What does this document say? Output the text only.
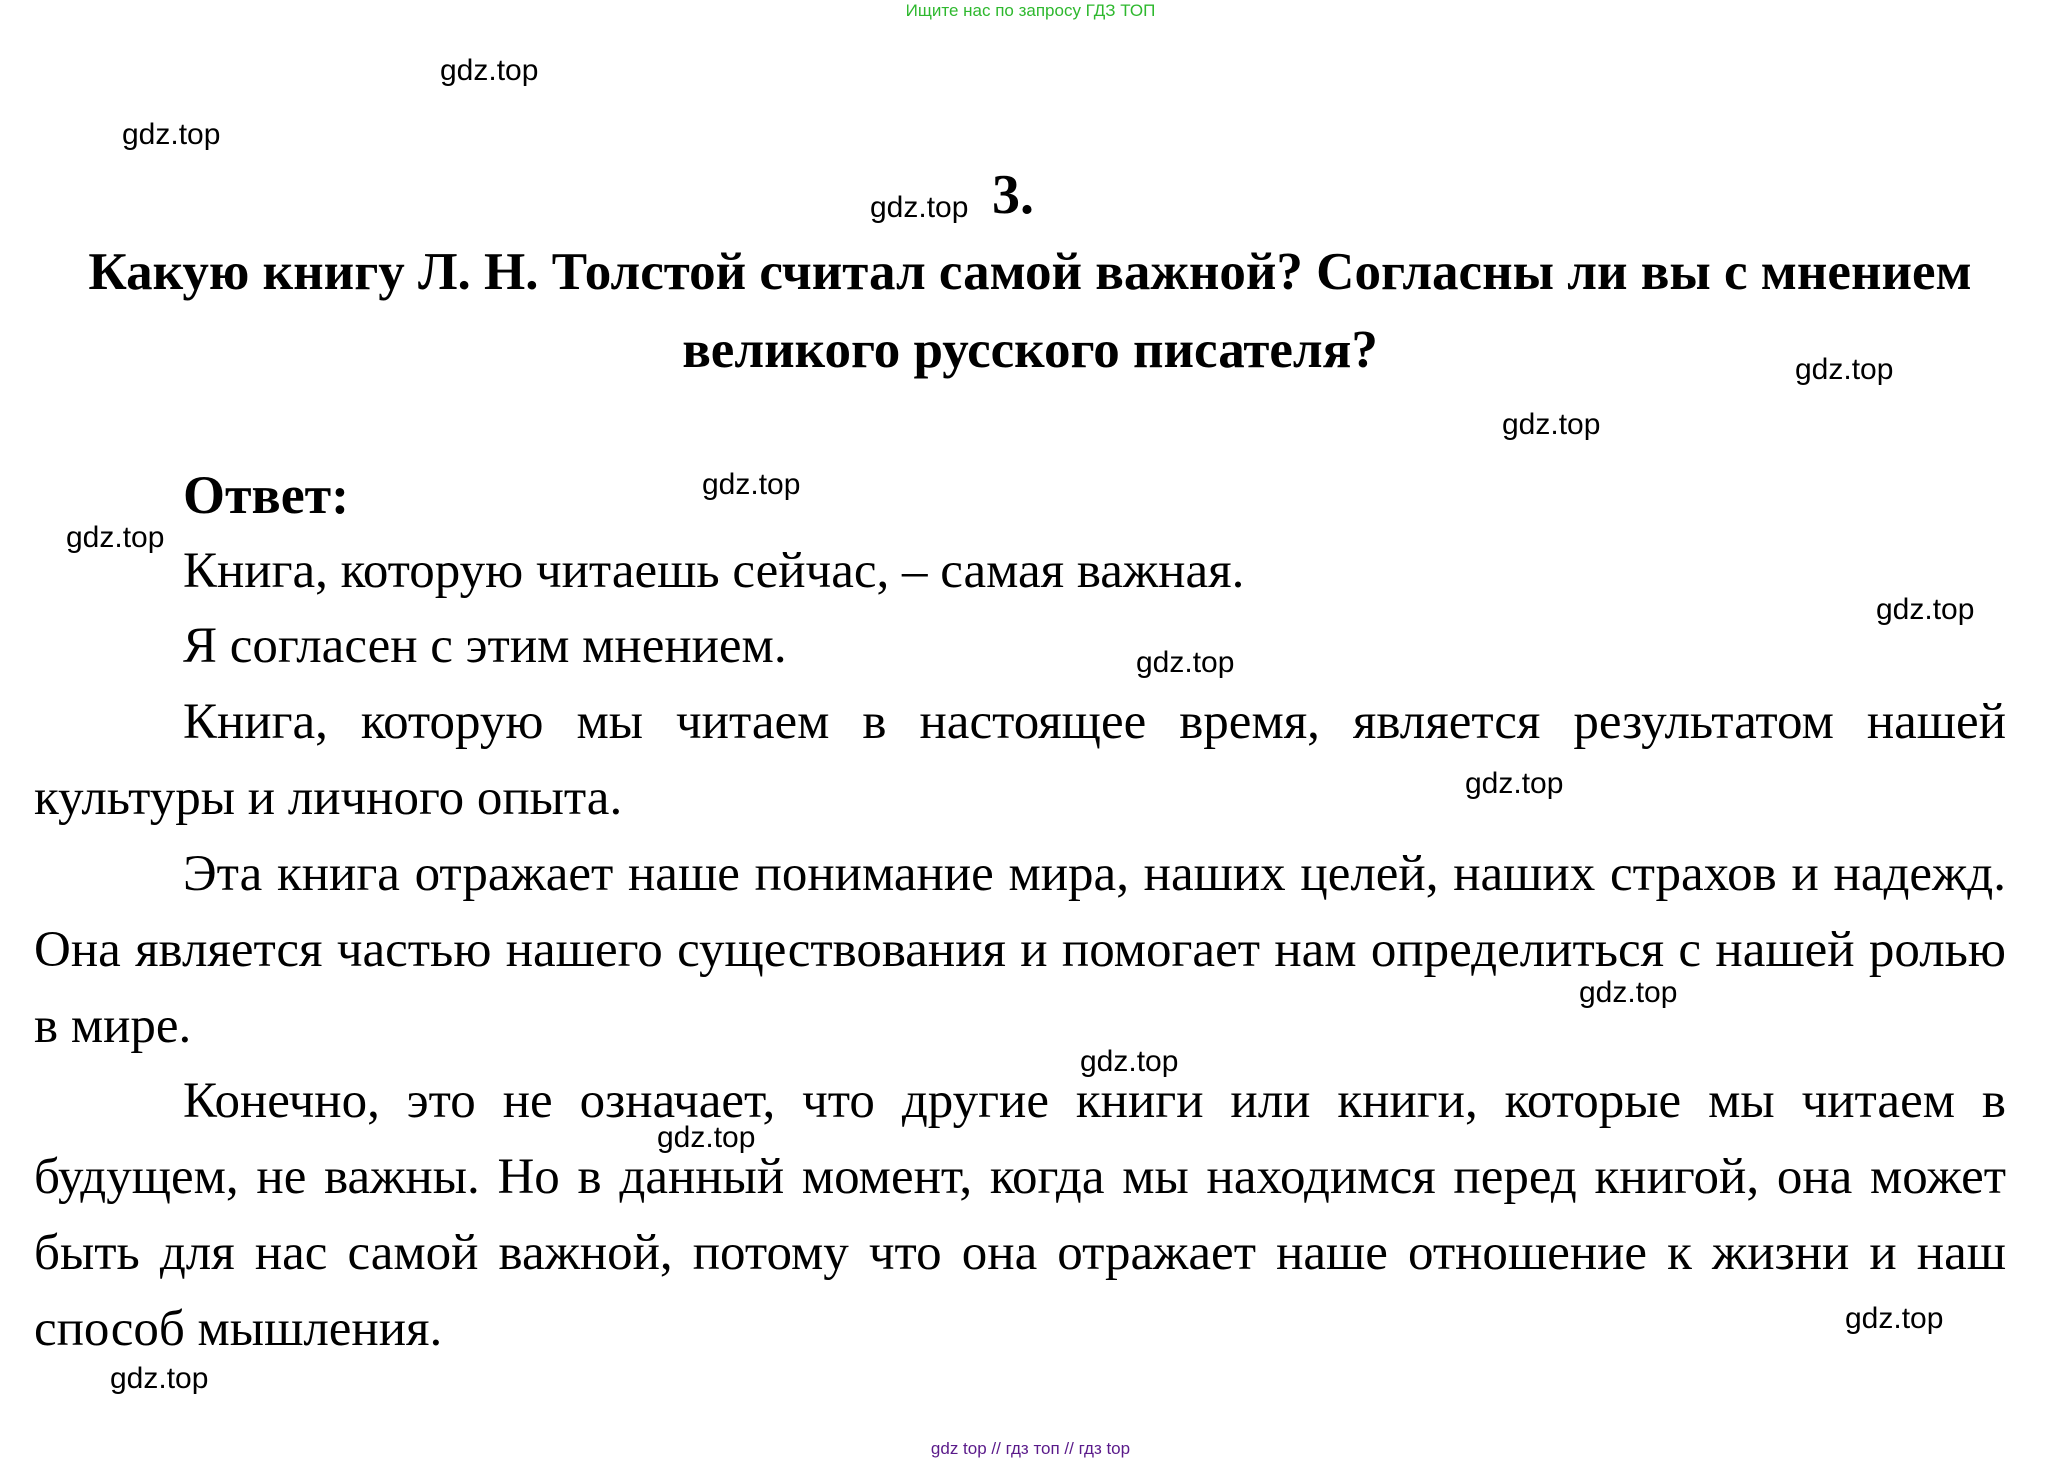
Ищите нас по запросу ГДЗ ТОП
gdz.top
gdz.top
gdz.top
gdz.top
gdz.top
gdz.top
gdz.top
gdz.top
gdz.top
gdz.top
gdz.top
gdz.top
gdz.top
gdz.top
gdz.top
3.
Какую книгу Л. Н. Толстой считал самой важной? Согласны ли вы с мнением великого русского писателя?
Ответ:
Книга, которую читаешь сейчас, – самая важная.
Я согласен с этим мнением.
Книга, которую мы читаем в настоящее время, является результатом нашей культуры и личного опыта.
Эта книга отражает наше понимание мира, наших целей, наших страхов и надежд. Она является частью нашего существования и помогает нам определиться с нашей ролью в мире.
Конечно, это не означает, что другие книги или книги, которые мы читаем в будущем, не важны. Но в данный момент, когда мы находимся перед книгой, она может быть для нас самой важной, потому что она отражает наше отношение к жизни и наш способ мышления.
gdz top // гдз топ // гдз top
